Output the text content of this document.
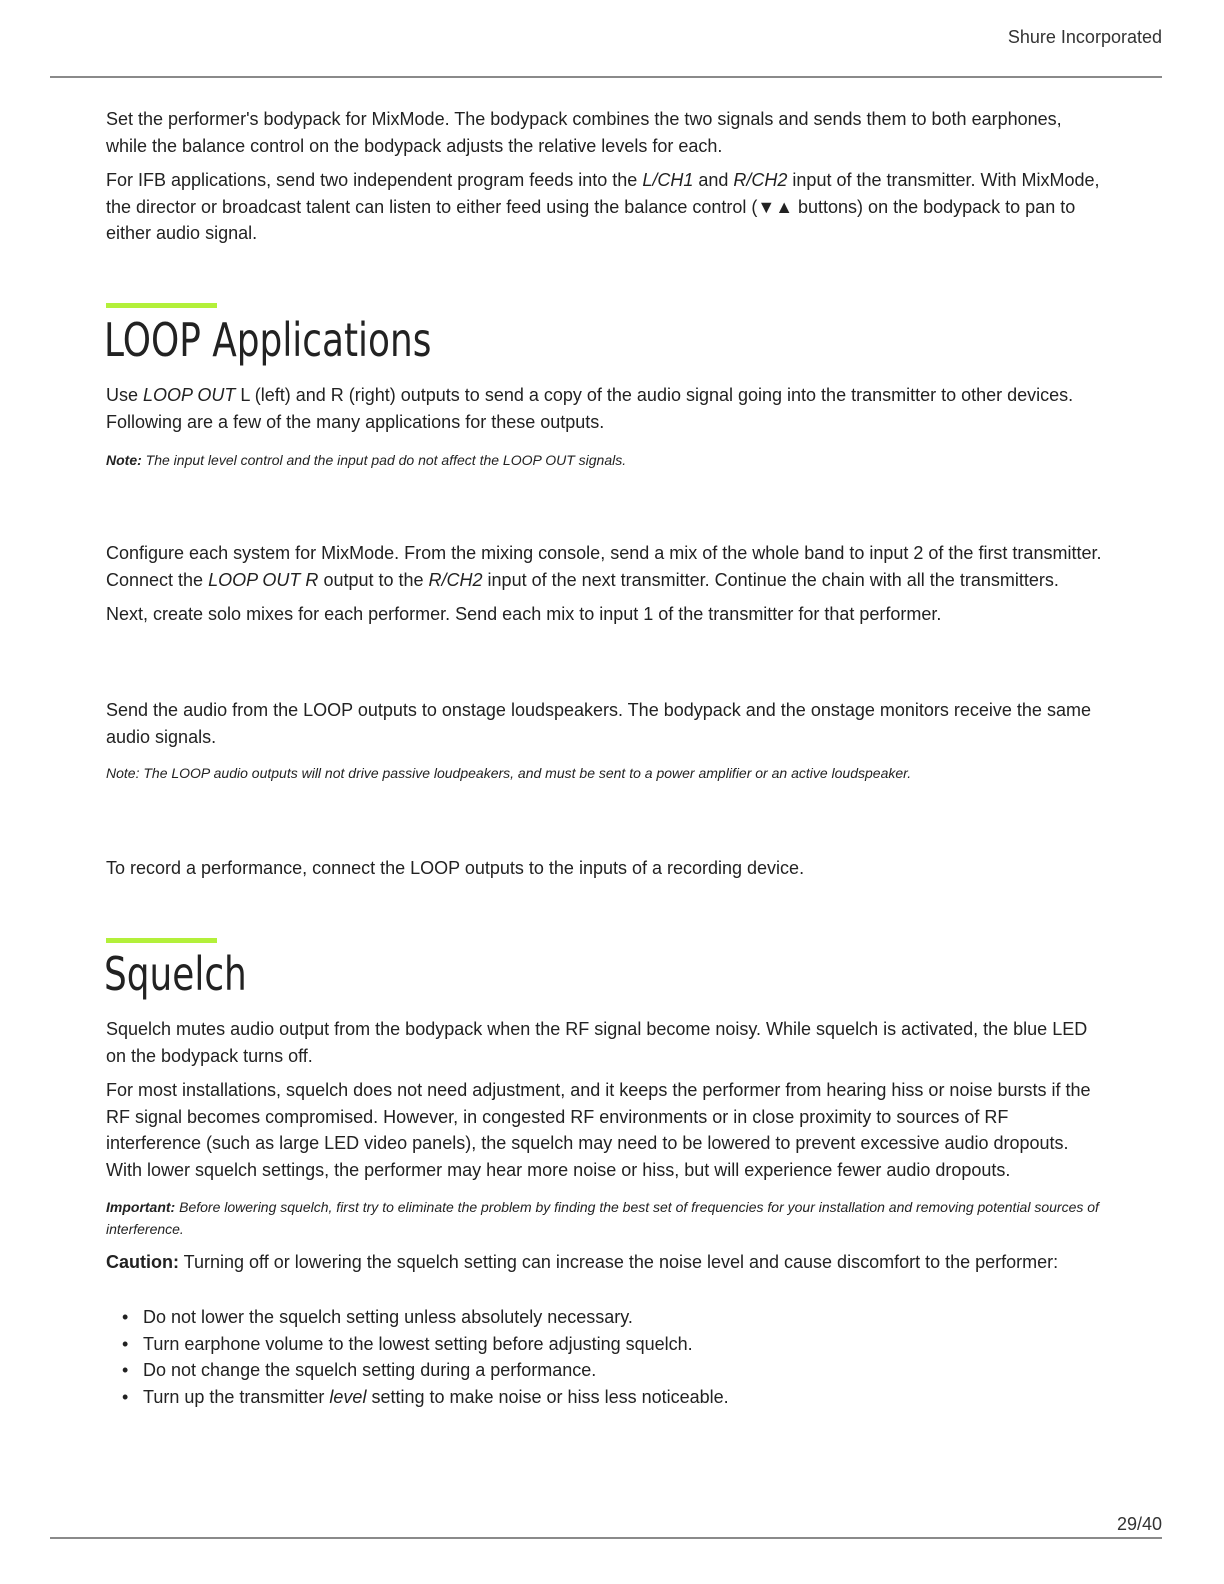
Shure Incorporated

Set the performer's bodypack for MixMode. The bodypack combines the two signals and sends them to both earphones, while the balance control on the bodypack adjusts the relative levels for each.

For IFB applications, send two independent program feeds into the L/CH1 and R/CH2 input of the transmitter. With MixMode, the director or broadcast talent can listen to either feed using the balance control (▼▲ buttons) on the bodypack to pan to either audio signal.

LOOP Applications

Use LOOP OUT L (left) and R (right) outputs to send a copy of the audio signal going into the transmitter to other devices. Following are a few of the many applications for these outputs.

Note: The input level control and the input pad do not affect the LOOP OUT signals.

Configure each system for MixMode. From the mixing console, send a mix of the whole band to input 2 of the first transmitter. Connect the LOOP OUT R output to the R/CH2 input of the next transmitter. Continue the chain with all the transmitters.

Next, create solo mixes for each performer. Send each mix to input 1 of the transmitter for that performer.

Send the audio from the LOOP outputs to onstage loudspeakers. The bodypack and the onstage monitors receive the same audio signals.

Note: The LOOP audio outputs will not drive passive loudpeakers, and must be sent to a power amplifier or an active loudspeaker.

To record a performance, connect the LOOP outputs to the inputs of a recording device.

Squelch

Squelch mutes audio output from the bodypack when the RF signal become noisy. While squelch is activated, the blue LED on the bodypack turns off.

For most installations, squelch does not need adjustment, and it keeps the performer from hearing hiss or noise bursts if the RF signal becomes compromised. However, in congested RF environments or in close proximity to sources of RF interference (such as large LED video panels), the squelch may need to be lowered to prevent excessive audio dropouts. With lower squelch settings, the performer may hear more noise or hiss, but will experience fewer audio dropouts.

Important: Before lowering squelch, first try to eliminate the problem by finding the best set of frequencies for your installation and removing potential sources of interference.

Caution: Turning off or lowering the squelch setting can increase the noise level and cause discomfort to the performer:

• Do not lower the squelch setting unless absolutely necessary.
• Turn earphone volume to the lowest setting before adjusting squelch.
• Do not change the squelch setting during a performance.
• Turn up the transmitter level setting to make noise or hiss less noticeable.
29/40
